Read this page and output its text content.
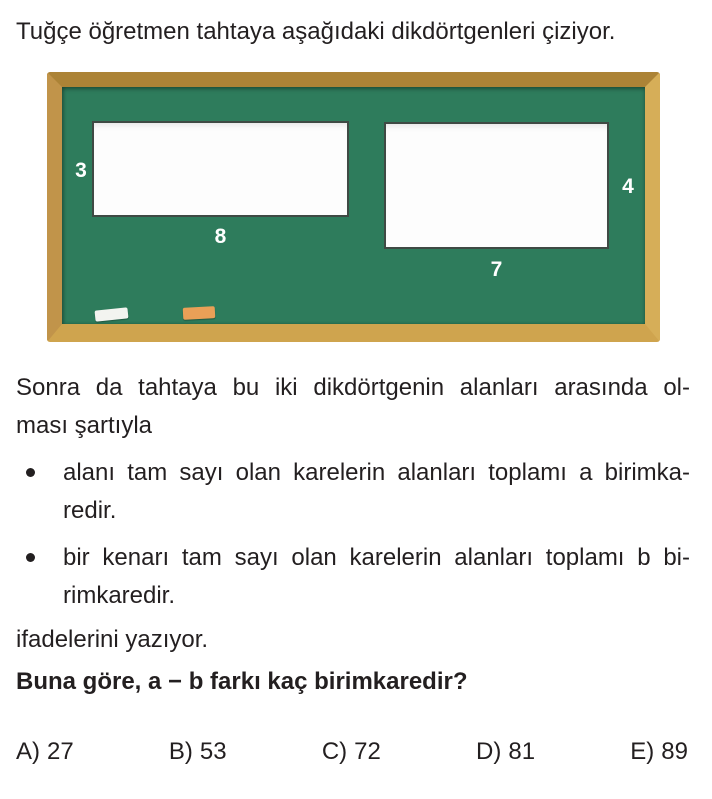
Tuğçe öğretmen tahtaya aşağıdaki dikdörtgenleri çiziyor.

3
8
4
7

Sonra da tahtaya bu iki dikdörtgenin alanları arasında ol-
ması şartıyla

alanı tam sayı olan karelerin alanları toplamı a birimka-
redir.
bir kenarı tam sayı olan karelerin alanları toplamı b bi-
rimkaredir.

ifadelerini yazıyor.

Buna göre, a − b farkı kaç birimkaredir?

A) 27	B) 53	C) 72	D) 81	E) 89
